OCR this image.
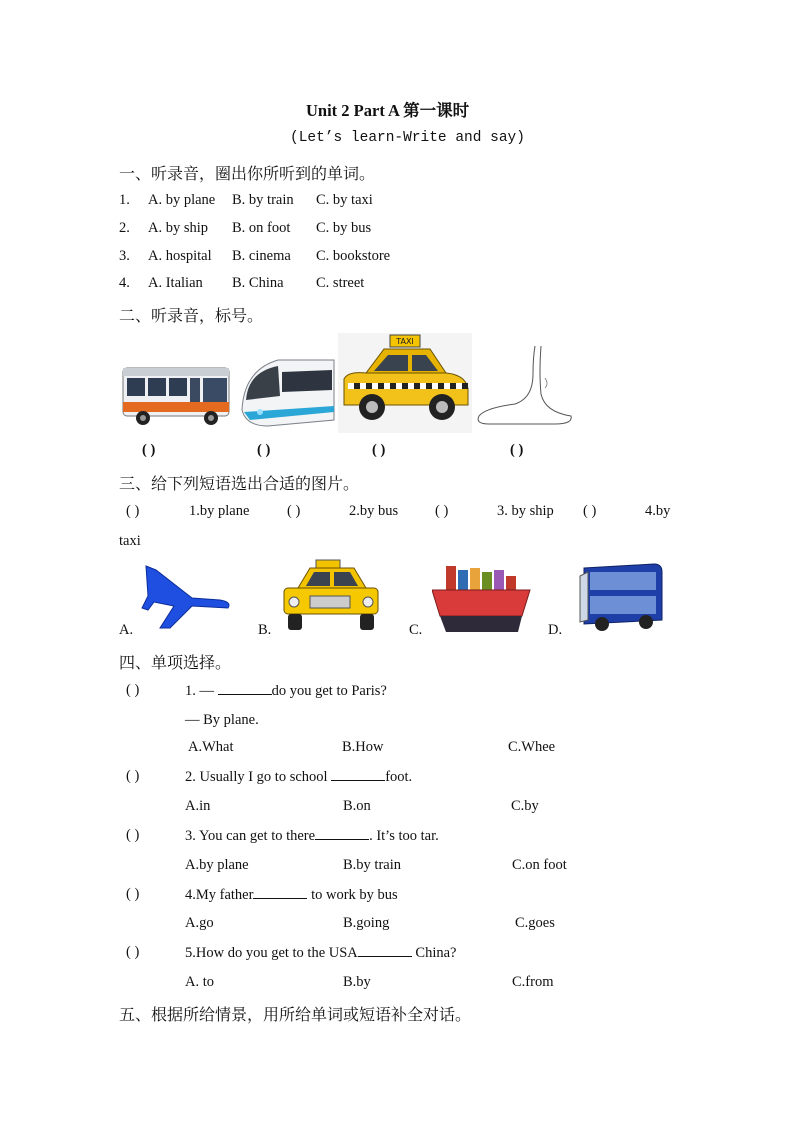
Unit 2 Part A 第一课时
(Let’s learn-Write and say)
一、听录音，圈出你所听到的单词。
1. A. by plane B. by train C. by taxi
2. A. by ship B. on foot C. by bus
3. A. hospital B. cinema C. bookstore
4. A. Italian B. China C. street
二、听录音，标号。
TAXI
( )	( )	( )	( )
三、给下列短语选出合适的图片。
( )	1.by plane	( )	2.by bus	( )	3. by ship ( )	4.by
taxi
A.	B.	C.	D.
四、单项选择。
( )	1. —	do you get to Paris?
— By plane.
A.What	B.How	C.Whee
( )	2. Usually I go to school	foot.
A.in	B.on	C.by
( )	3. You can get to there	. It’s too tar.
A.by plane	B.by train	C.on foot
( )	4.My father	to work by bus
A.go	B.going	C.goes
( )	5.How do you get to the USA	China?
A. to	B.by	C.from
五、根据所给情景，用所给单词或短语补全对话。
